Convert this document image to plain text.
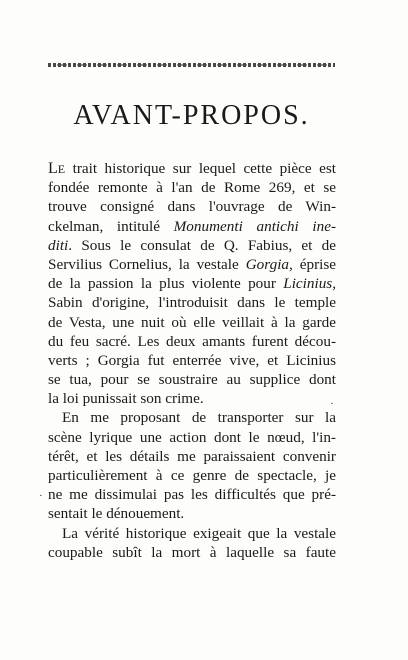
AVANT-PROPOS.
LE trait historique sur lequel cette pièce est
fondée remonte à l'an de Rome 269, et se
trouve consigné dans l'ouvrage de Win-
ckelman, intitulé Monumenti antichi ine-
diti. Sous le consulat de Q. Fabius, et de
Servilius Cornelius, la vestale Gorgia, éprise
de la passion la plus violente pour Licinius,
Sabin d'origine, l'introduisit dans le temple
de Vesta, une nuit où elle veillait à la garde
du feu sacré. Les deux amants furent décou-
verts ; Gorgia fut enterrée vive, et Licinius
se tua, pour se soustraire au supplice dont
la loi punissait son crime.
En me proposant de transporter sur la
scène lyrique une action dont le nœud, l'in-
térêt, et les détails me paraissaient convenir
particulièrement à ce genre de spectacle, je
ne me dissimulai pas les difficultés que pré-
sentait le dénouement.
La vérité historique exigeait que la vestale
coupable subît la mort à laquelle sa faute
·
·
